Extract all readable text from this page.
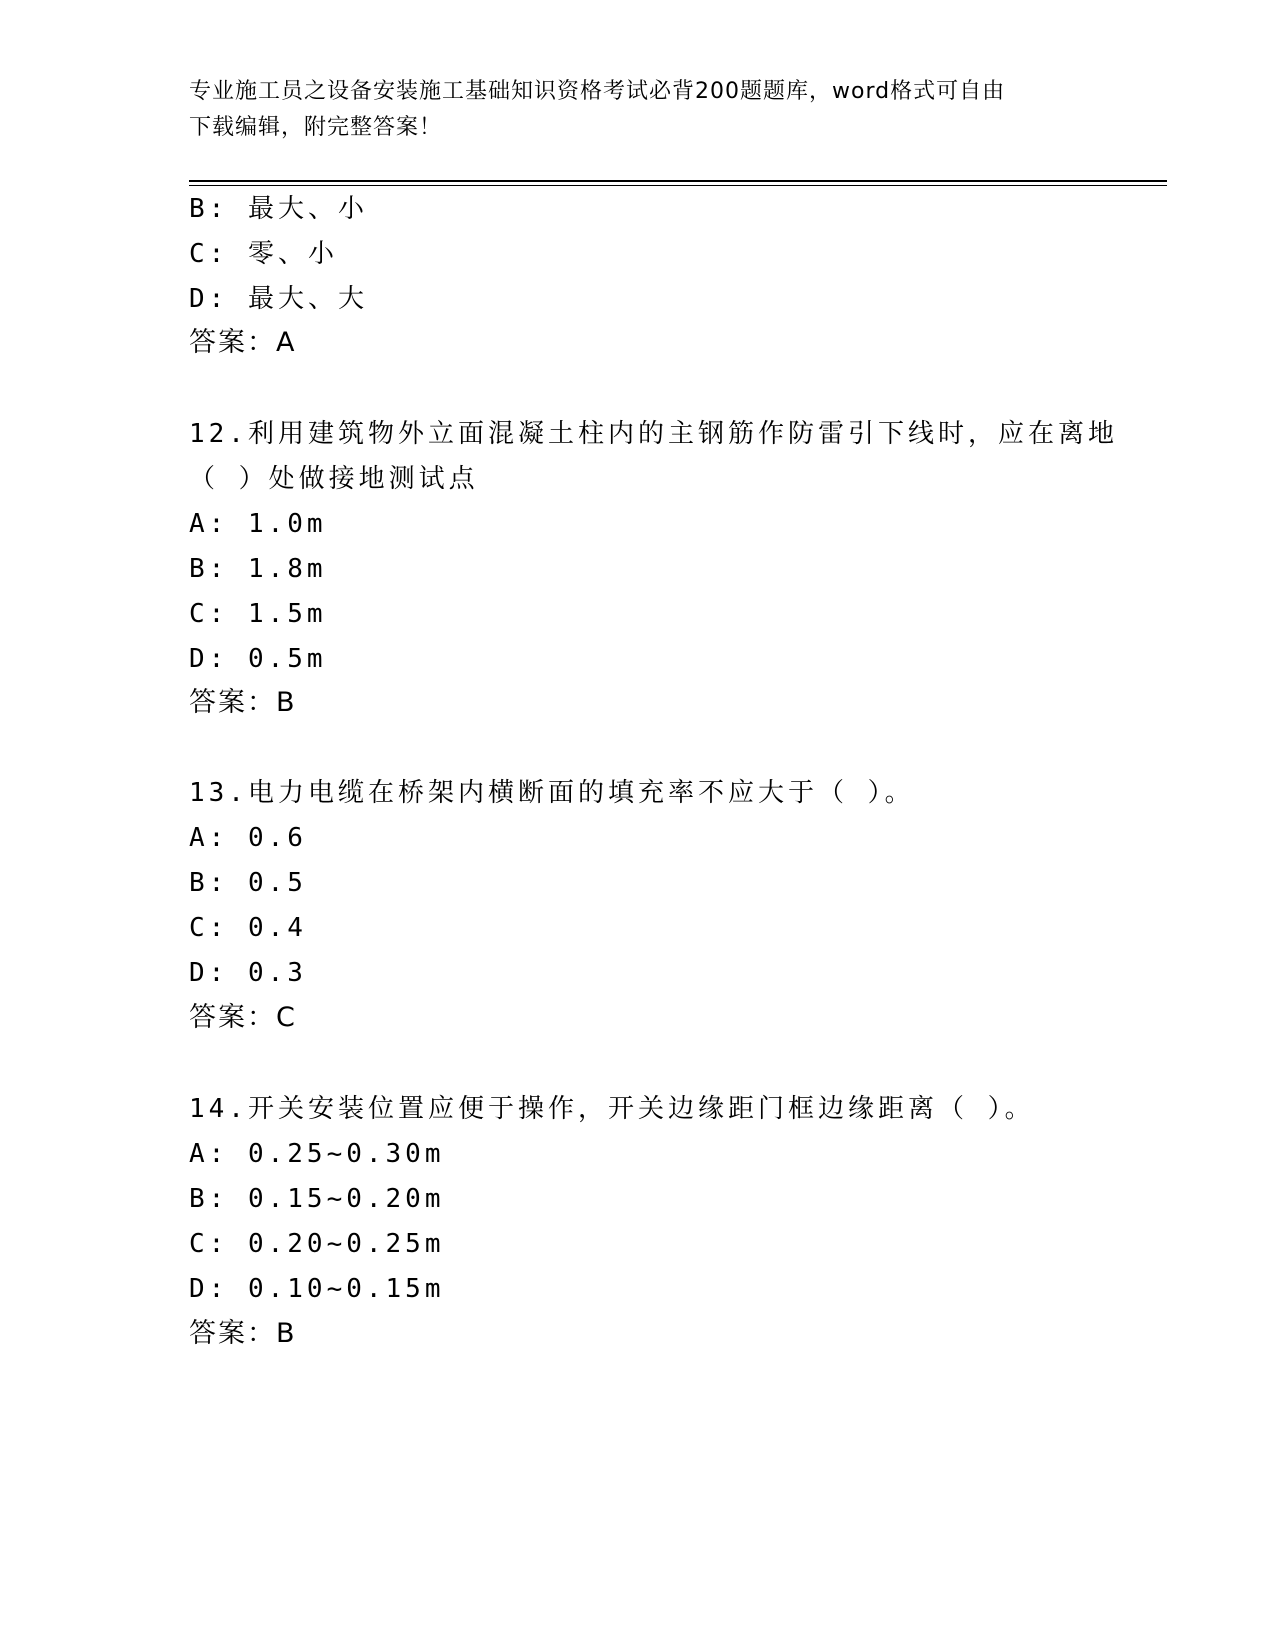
专业施工员之设备安装施工基础知识资格考试必背200题题库，word格式可自由
下载编辑，附完整答案！
B: 最大、小
C: 零、小
D: 最大、大
答案：A
12.利用建筑物外立面混凝土柱内的主钢筋作防雷引下线时，应在离地
（ ）处做接地测试点
A: 1.0m
B: 1.8m
C: 1.5m
D: 0.5m
答案：B
13.电力电缆在桥架内横断面的填充率不应大于（ ）。
A: 0.6
B: 0.5
C: 0.4
D: 0.3
答案：C
14.开关安装位置应便于操作，开关边缘距门框边缘距离（ ）。
A: 0.25~0.30m
B: 0.15~0.20m
C: 0.20~0.25m
D: 0.10~0.15m
答案：B
